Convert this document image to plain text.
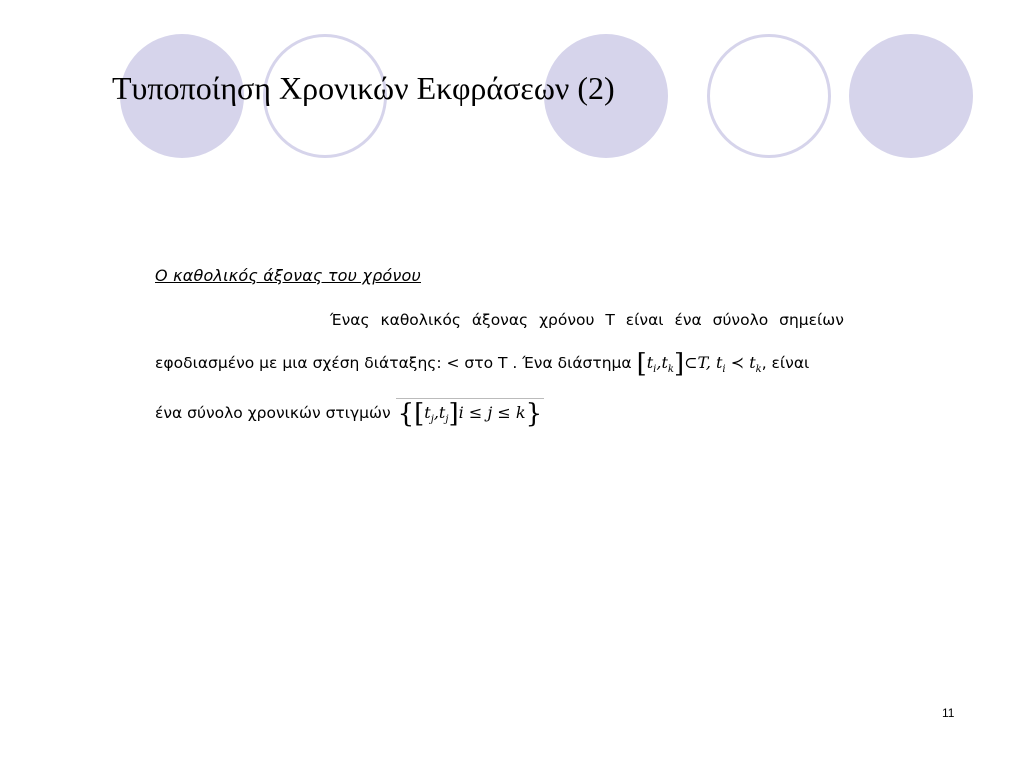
Τυποποίηση Χρονικών Εκφράσεων (2)
Ο καθολικός άξονας του χρόνου
Ένας καθολικός άξονας χρόνου T είναι ένα σύνολο σημείων
εφοδιασμένο με μια σχέση διάταξης: < στο T . Ένα διάστημα $[t_i,t_k]\subset T$, $t_i$ ≺ $t_k$, είναι
ένα σύνολο χρονικών στιγμών $\{[t_j,t_j]i \le j \le k\}$
11
